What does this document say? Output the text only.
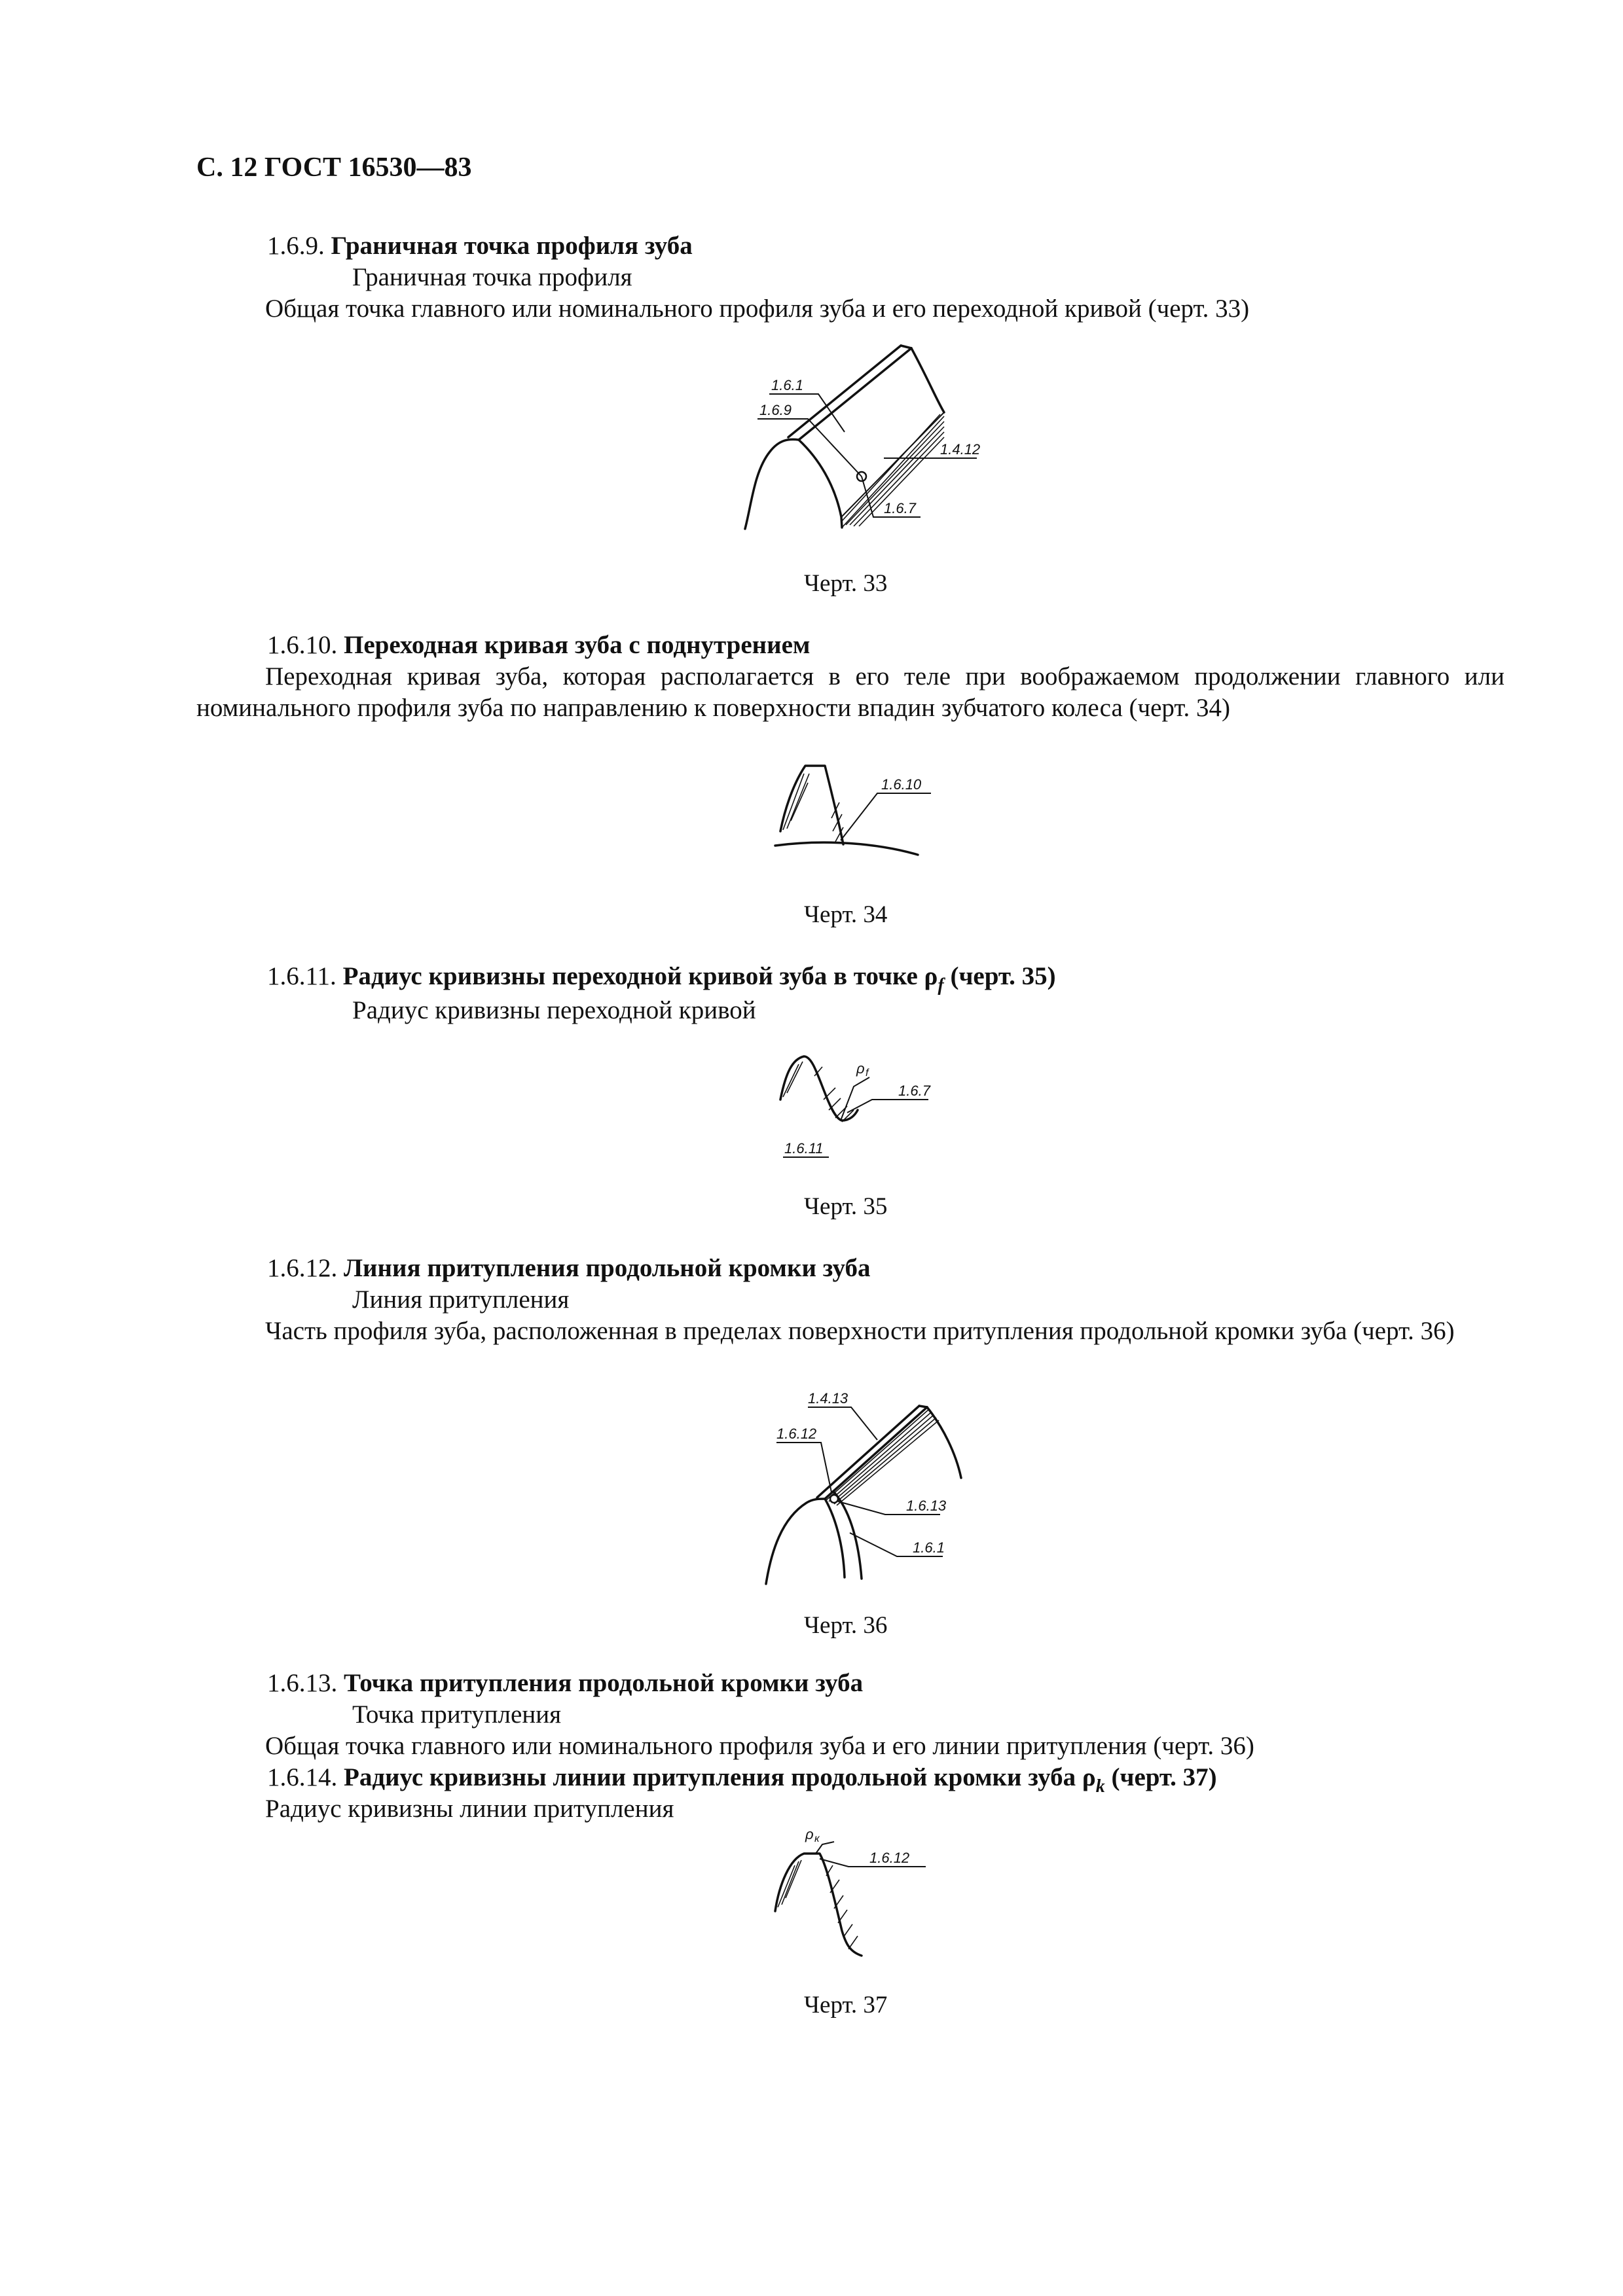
С. 12 ГОСТ 16530—83
1.6.9. Граничная точка профиля зуба
Граничная точка профиля
Общая точка главного или номинального профиля зуба и его переходной кривой (черт. 33)
1.6.1
1.6.9
1.4.12
1.6.7
Черт. 33
1.6.10. Переходная кривая зуба с поднутрением
Переходная кривая зуба, которая располагается в его теле при воображаемом продолжении главного или номинального профиля зуба по направлению к поверхности впадин зубчатого колеса (черт. 34)
1.6.10
Черт. 34
1.6.11. Радиус кривизны переходной кривой зуба в точке $\rho_f$ (черт. 35)
Радиус кривизны переходной кривой
ρ f
1.6.7
1.6.11
Черт. 35
1.6.12. Линия притупления продольной кромки зуба
Линия притупления
Часть профиля зуба, расположенная в пределах поверхности притупления продольной кромки зуба (черт. 36)
1.4.13
1.6.12
1.6.13
1.6.1
Черт. 36
1.6.13. Точка притупления продольной кромки зуба
Точка притупления
Общая точка главного или номинального профиля зуба и его линии притупления (черт. 36)
1.6.14. Радиус кривизны линии притупления продольной кромки зуба $\rho_k$ (черт. 37)
Радиус кривизны линии притупления
ρ к
1.6.12
Черт. 37
